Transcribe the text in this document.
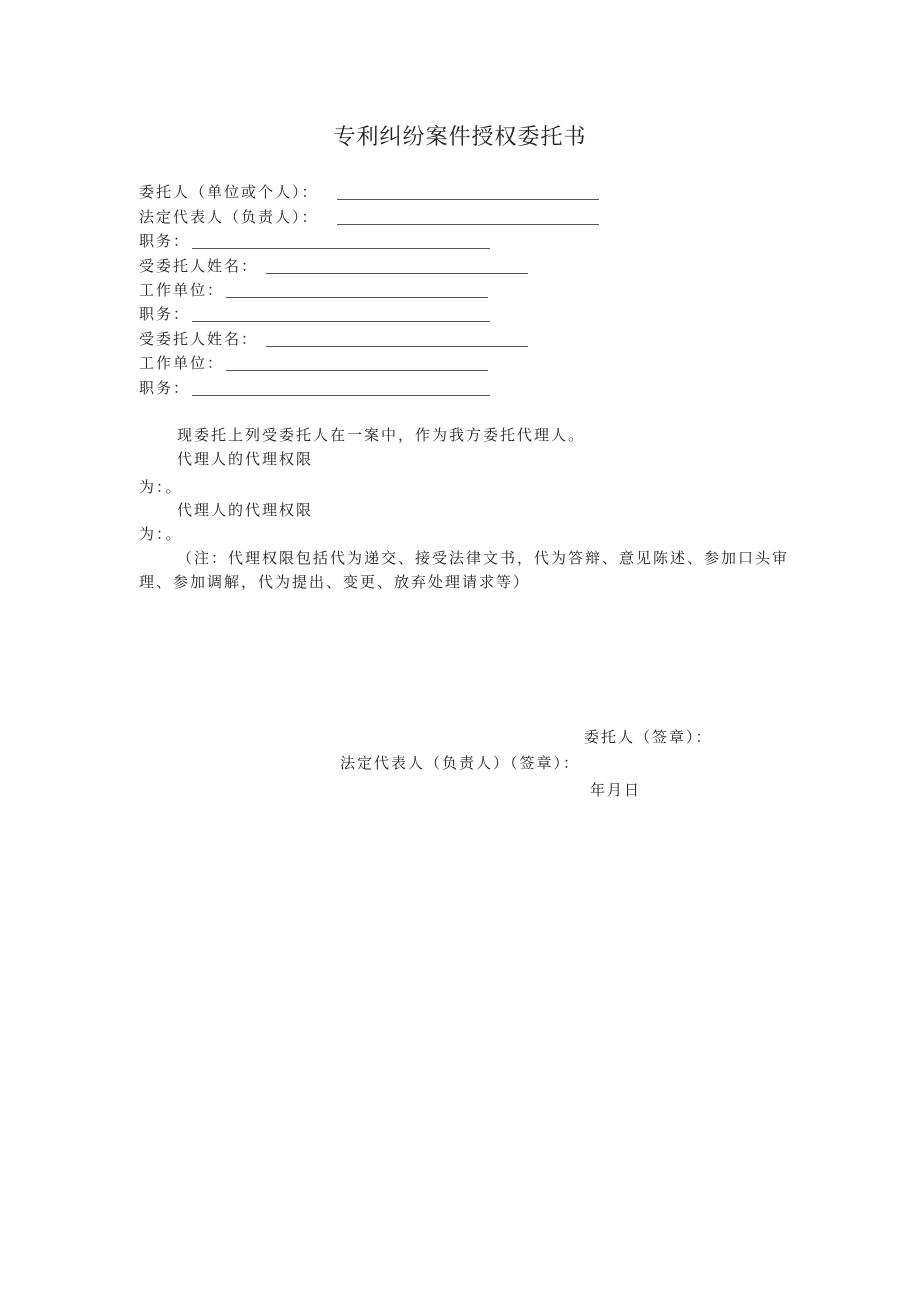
专利纠纷案件授权委托书
委托人（单位或个人）：
法定代表人（负责人）：
职务：
受委托人姓名：
工作单位：
职务：
受委托人姓名：
工作单位：
职务：
现委托上列受委托人在一案中，作为我方委托代理人。
代理人的代理权限
为：。
代理人的代理权限
为：。
（注：代理权限包括代为递交、接受法律文书，代为答辩、意见陈述、参加口头审理、参加调解，代为提出、变更、放弃处理请求等）
委托人（签章）：
法定代表人（负责人）（签章）：
年月日
